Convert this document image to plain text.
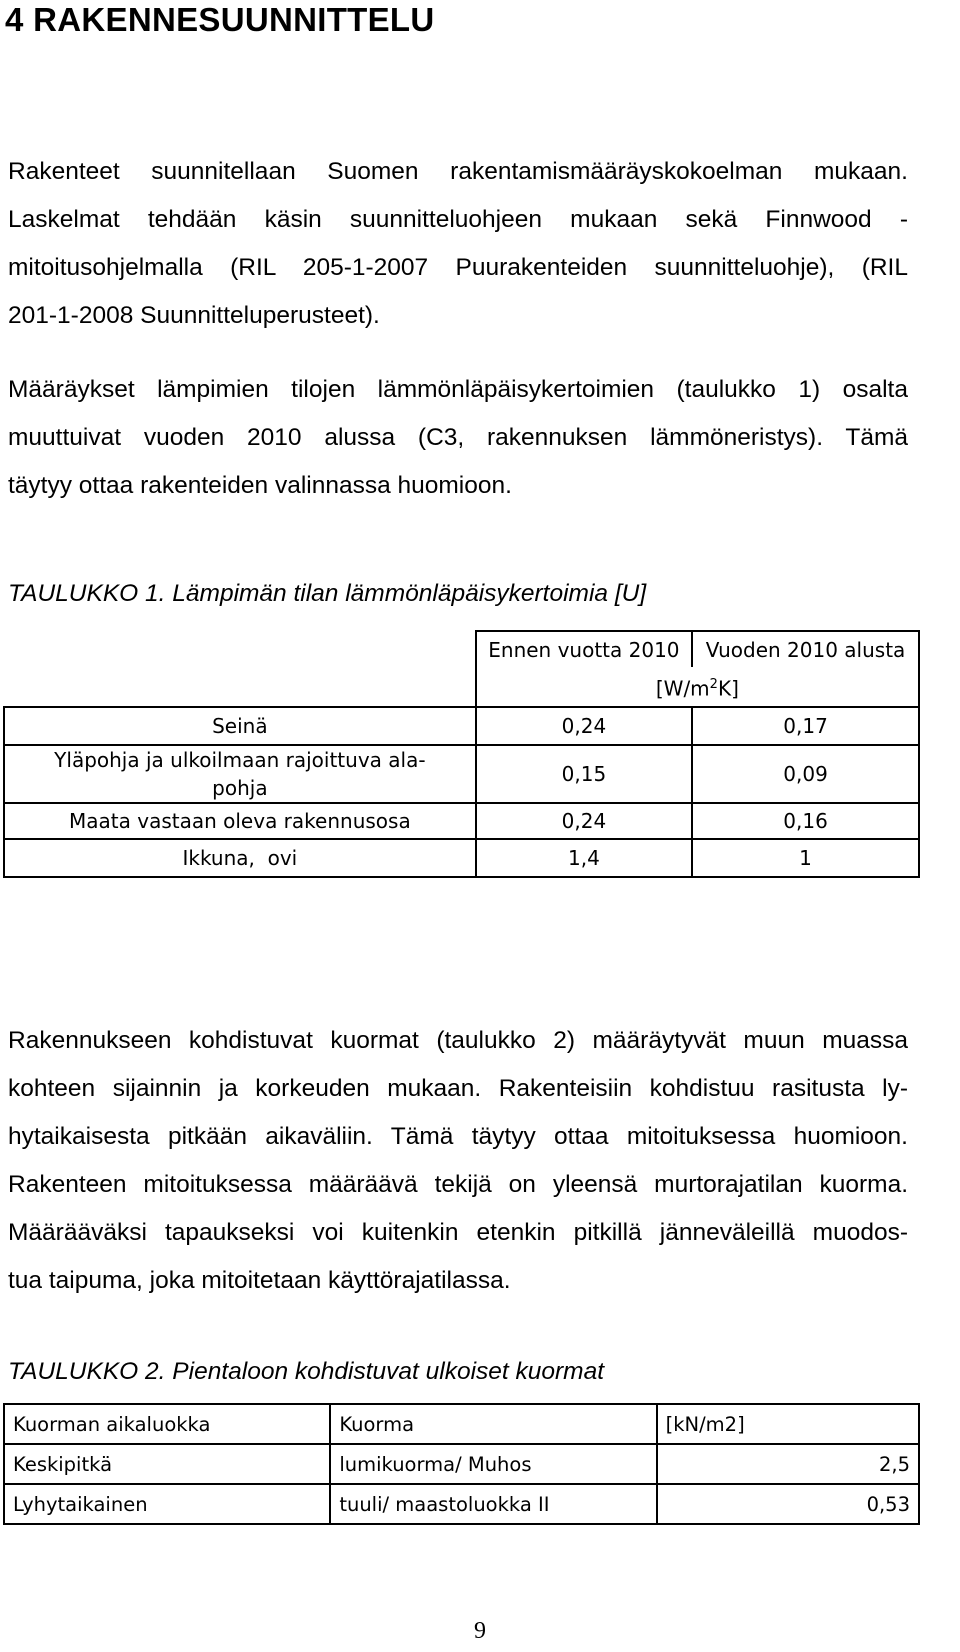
4 RAKENNESUUNNITTELU
Rakenteet suunnitellaan Suomen rakentamismääräyskokoelman mukaan.
Laskelmat tehdään käsin suunnitteluohjeen mukaan sekä Finnwood -
mitoitusohjelmalla (RIL 205-1-2007 Puurakenteiden suunnitteluohje), (RIL
201-1-2008 Suunnitteluperusteet).
Määräykset lämpimien tilojen lämmönläpäisykertoimien (taulukko 1) osalta
muuttuivat vuoden 2010 alussa (C3, rakennuksen lämmöneristys). Tämä
täytyy ottaa rakenteiden valinnassa huomioon.
TAULUKKO 1. Lämpimän tilan lämmönläpäisykertoimia [U]
	Ennen vuotta 2010	Vuoden 2010 alusta
	$[W/m^2K]$	
Seinä	0,24	0,17
Yläpohja ja ulkoilmaan rajoittuva ala-
pohja	0,15	0,09
Maata vastaan oleva rakennusosa	0,24	0,16
Ikkuna,  ovi	1,4	1
Rakennukseen kohdistuvat kuormat (taulukko 2) määräytyvät muun muassa
kohteen sijainnin ja korkeuden mukaan. Rakenteisiin kohdistuu rasitusta ly-
hytaikaisesta pitkään aikaväliin. Tämä täytyy ottaa mitoituksessa huomioon.
Rakenteen mitoituksessa määräävä tekijä on yleensä murtorajatilan kuorma.
Määrääväksi tapaukseksi voi kuitenkin etenkin pitkillä jänneväleillä muodos-
tua taipuma, joka mitoitetaan käyttörajatilassa.
TAULUKKO 2. Pientaloon kohdistuvat ulkoiset kuormat
Kuorman aikaluokka	Kuorma	[kN/m2]
Keskipitkä	lumikuorma/ Muhos	2,5
Lyhytaikainen	tuuli/ maastoluokka II	0,53
9
